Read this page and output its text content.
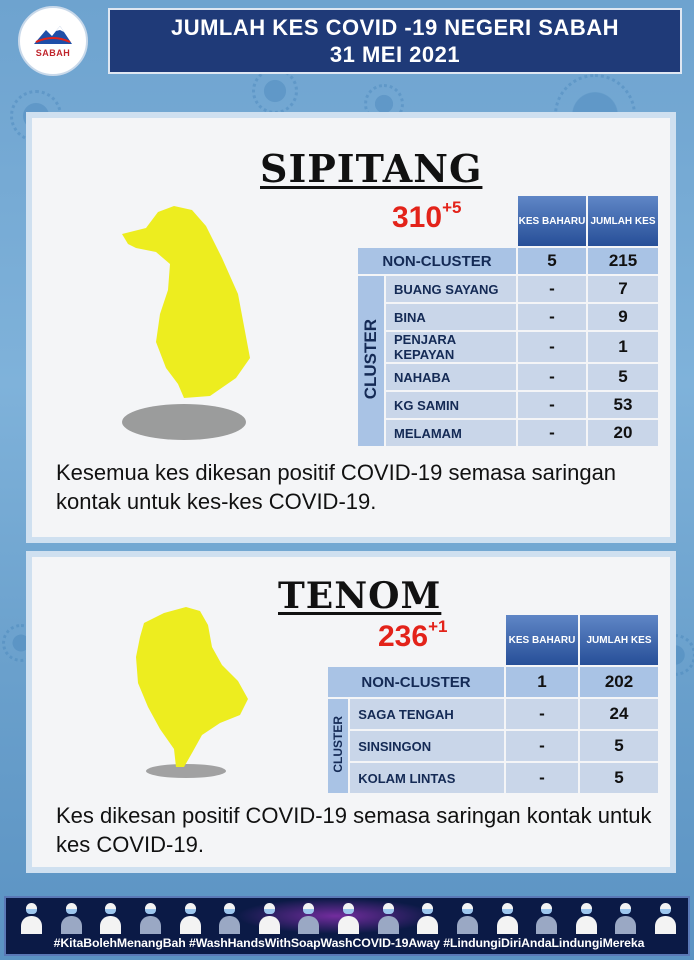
SABAH
JUMLAH KES COVID -19 NEGERI SABAH
31 MEI 2021
SIPITANG
$310^{+5}$
		KES BAHARU	JUMLAH KES
NON-CLUSTER		5	215
CLUSTER	BUANG SAYANG	-	7
	BINA	-	9
	PENJARA KEPAYAN	-	1
	NAHABA	-	5
	KG SAMIN	-	53
	MELAMAM	-	20
Kesemua kes dikesan positif COVID-19 semasa saringan kontak untuk kes-kes COVID-19.
TENOM
$236^{+1}$
		KES BAHARU	JUMLAH KES
NON-CLUSTER		1	202
CLUSTER	SAGA TENGAH	-	24
	SINSINGON	-	5
	KOLAM LINTAS	-	5
Kes dikesan positif COVID-19 semasa saringan kontak untuk kes COVID-19.
#KitaBolehMenangBah #WashHandsWithSoapWashCOVID-19Away #LindungiDiriAndaLindungiMereka
